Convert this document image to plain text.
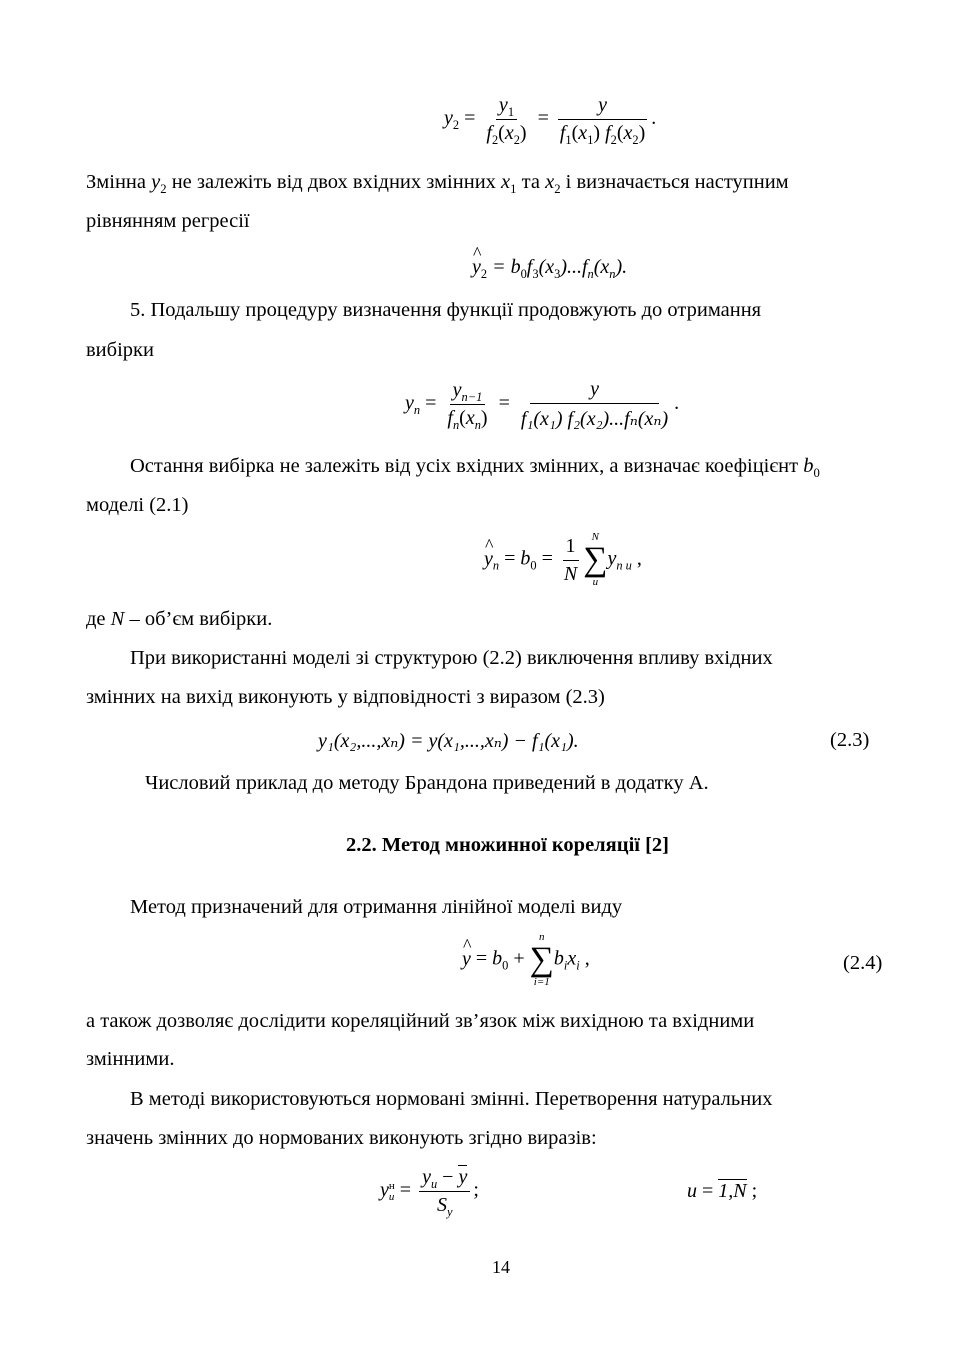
$y_2 = \frac{y_1}{f_2(x_2)} = \frac{y}{f_1(x_1) f_2(x_2)}$ .
Змінна $y_2$ не залежіть від двох вхідних змінних $x_1$ та $x_2$ і визначається наступним
рівнянням регресії
^ $y_2 = b_0f_3(x_3)...f_n(x_n)$.
5. Подальшу процедуру визначення функції продовжують до отримання
вибірки
$y_n = \frac{y_{n-1}}{f_n(x_n)} = \frac{y}{\text{f₁(x₁) f₂(x₂)...fₙ(xₙ)}}$ .
Остання вибірка не залежіть від усіх вхідних змінних, а визначає коефіцієнт $b_0$
моделі (2.1)
^ $y_n = b_0 = \frac{1}{N}$ N
∑
u
$y_{n u}$ ,
де N – об’єм вибірки.
При використанні моделі зі структурою (2.2) виключення впливу вхідних
змінних на вихід виконують у відповідності з виразом (2.3)
y₁(x₂,...,xₙ) = y(x₁,...,xₙ) − f₁(x₁).	(2.3)
Числовий приклад до методу Брандона приведений в додатку А.
2.2. Метод множинної кореляції [2]
Метод призначений для отримання лінійної моделі виду
^ $y = b_0$ +
n
∑
i=1
$b_ix_i$ ,	(2.4)
а також дозволяє дослідити кореляційний зв’язок між вихідною та вхідними
змінними.
В методі використовуються нормовані змінні. Перетворення натуральних
значень змінних до нормованих виконують згідно виразів:
y н
$u = \frac{y_u - y}{S_y}$ ;	u = 1,N ;
14
